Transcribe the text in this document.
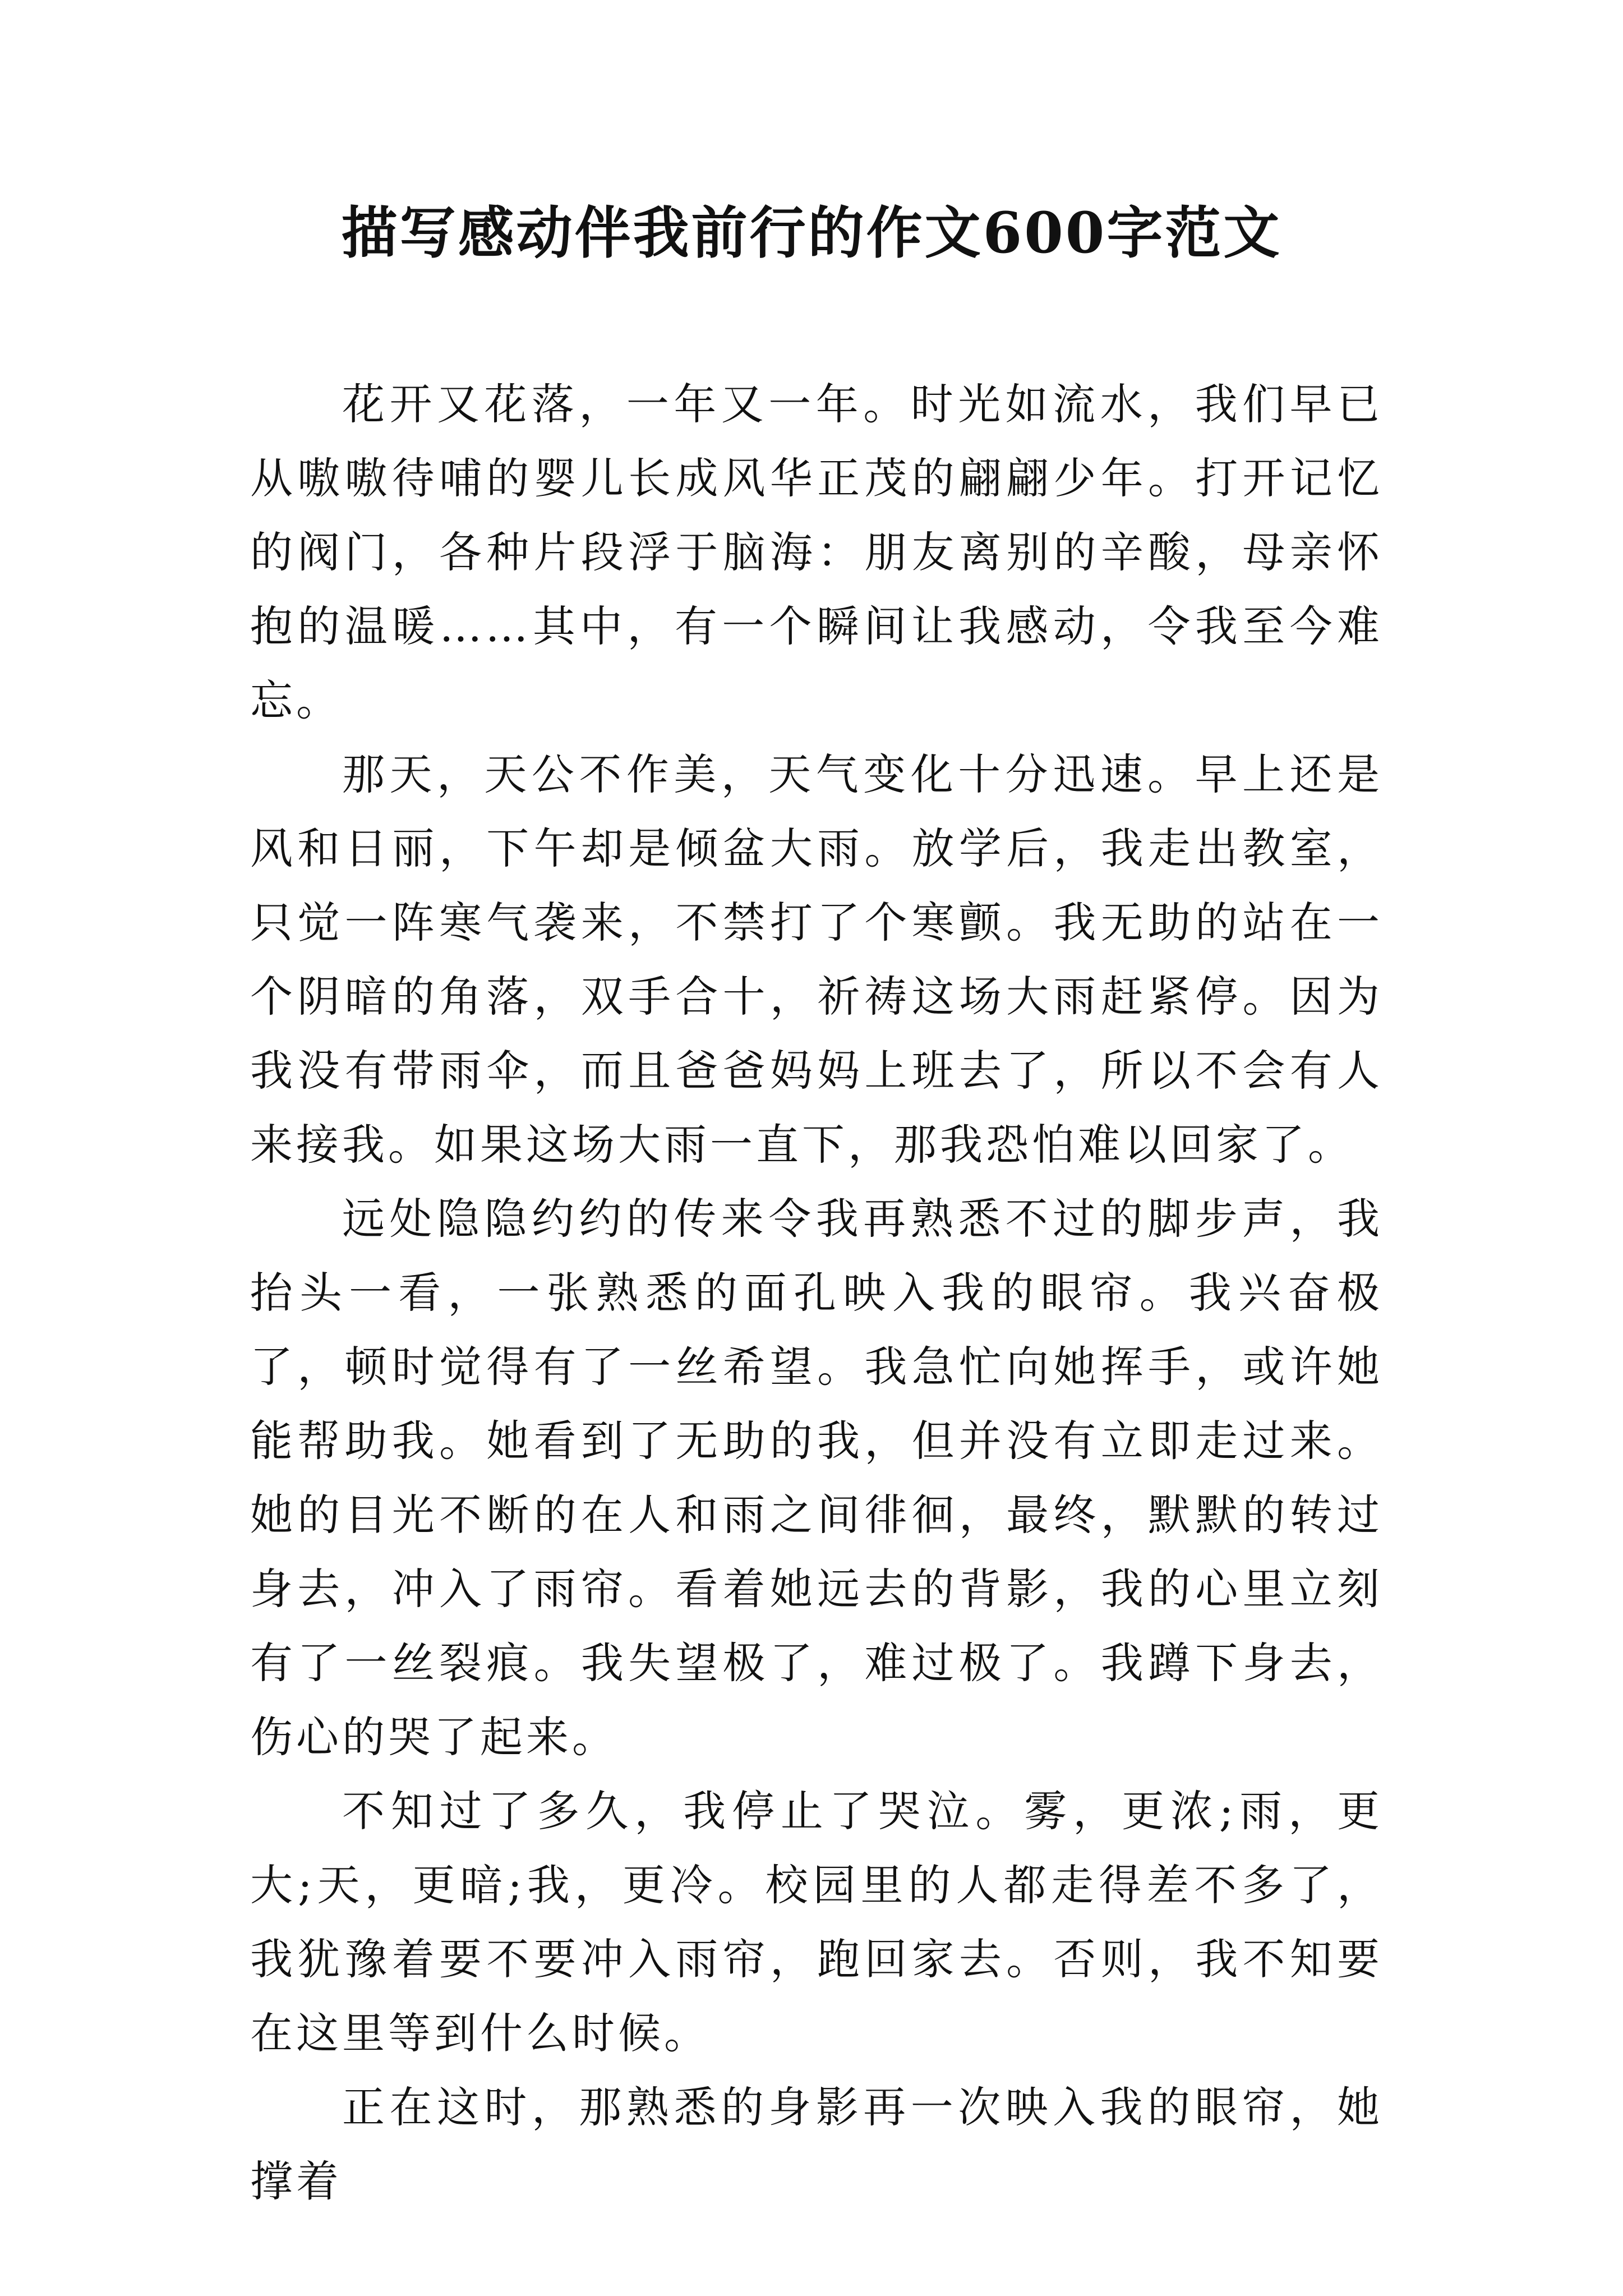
描写感动伴我前行的作文600字范文

花开又花落，一年又一年。时光如流水，我们早已从嗷嗷待哺的婴儿长成风华正茂的翩翩少年。打开记忆的阀门，各种片段浮于脑海：朋友离别的辛酸，母亲怀抱的温暖……其中，有一个瞬间让我感动，令我至今难忘。

那天，天公不作美，天气变化十分迅速。早上还是风和日丽，下午却是倾盆大雨。放学后，我走出教室，只觉一阵寒气袭来，不禁打了个寒颤。我无助的站在一个阴暗的角落，双手合十，祈祷这场大雨赶紧停。因为我没有带雨伞，而且爸爸妈妈上班去了，所以不会有人来接我。如果这场大雨一直下，那我恐怕难以回家了。

远处隐隐约约的传来令我再熟悉不过的脚步声，我抬头一看，一张熟悉的面孔映入我的眼帘。我兴奋极了，顿时觉得有了一丝希望。我急忙向她挥手，或许她能帮助我。她看到了无助的我，但并没有立即走过来。她的目光不断的在人和雨之间徘徊，最终，默默的转过身去，冲入了雨帘。看着她远去的背影，我的心里立刻有了一丝裂痕。我失望极了，难过极了。我蹲下身去，伤心的哭了起来。

不知过了多久，我停止了哭泣。雾，更浓;雨，更大;天，更暗;我，更冷。校园里的人都走得差不多了，我犹豫着要不要冲入雨帘，跑回家去。否则，我不知要在这里等到什么时候。

正在这时，那熟悉的身影再一次映入我的眼帘，她撑着
